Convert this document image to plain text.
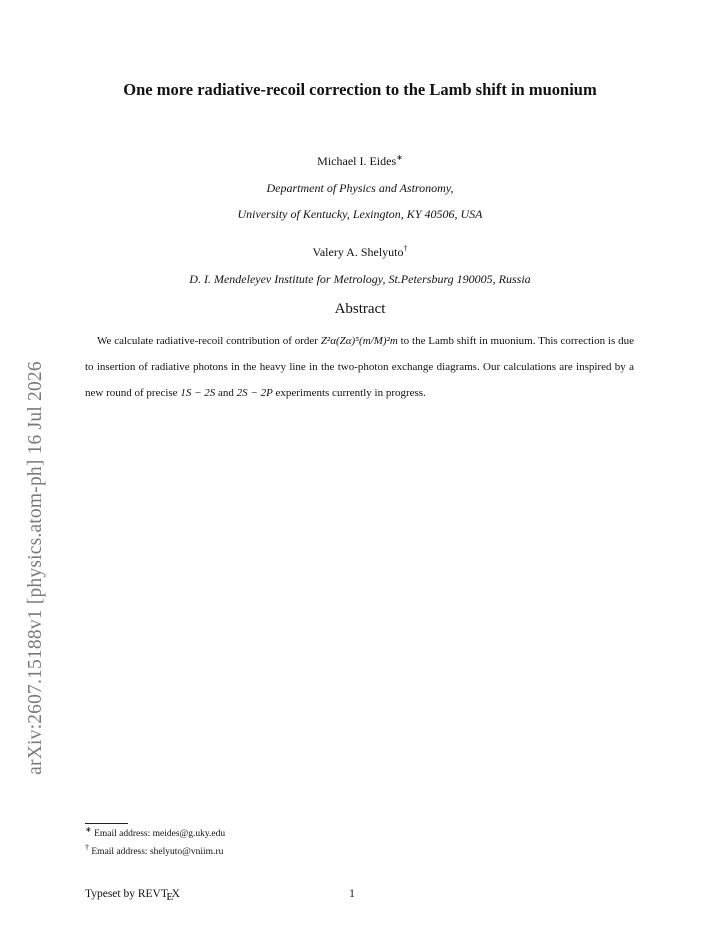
arXiv:2607.15188v1 [physics.atom-ph] 16 Jul 2026
One more radiative-recoil correction to the Lamb shift in muonium
Michael I. Eides∗
Department of Physics and Astronomy,
University of Kentucky, Lexington, KY 40506, USA
Valery A. Shelyuto†
D. I. Mendeleyev Institute for Metrology, St.Petersburg 190005, Russia
Abstract
We calculate radiative-recoil contribution of order Z²α(Zα)⁵(m/M)²m to the Lamb shift in muonium. This correction is due to insertion of radiative photons in the heavy line in the two-photon exchange diagrams. Our calculations are inspired by a new round of precise 1S − 2S and 2S − 2P experiments currently in progress.
∗ Email address: meides@g.uky.edu
† Email address: shelyuto@vniim.ru
Typeset by REVTEX	1
